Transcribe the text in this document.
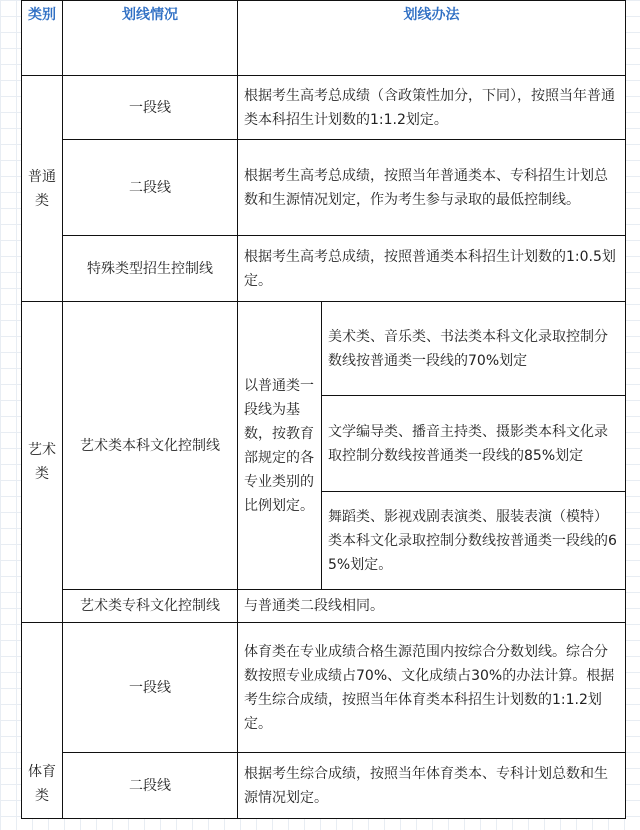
类别	划线情况	划线办法	
普通类	一段线	根据考生高考总成绩（含政策性加分，下同），按照当年普通类本科招生计划数的1:1.2划定。	
	二段线	根据考生高考总成绩，按照当年普通类本、专科招生计划总数和生源情况划定，作为考生参与录取的最低控制线。	
	特殊类型招生控制线	根据考生高考总成绩，按照普通类本科招生计划数的1:0.5划定。	
艺术类	艺术类本科文化控制线	以普通类一段线为基数，按教育部规定的各专业类别的比例划定。	美术类、音乐类、书法类本科文化录取控制分数线按普通类一段线的70%划定
			文学编导类、播音主持类、摄影类本科文化录取控制分数线按普通类一段线的85%划定
			舞蹈类、影视戏剧表演类、服装表演（模特）类本科文化录取控制分数线按普通类一段线的65%划定。
	艺术类专科文化控制线	与普通类二段线相同。	
体育类	一段线	体育类在专业成绩合格生源范围内按综合分数划线。综合分数按照专业成绩占70%、文化成绩占30%的办法计算。根据考生综合成绩，按照当年体育类本科招生计划数的1:1.2划定。	
	二段线	根据考生综合成绩，按照当年体育类本、专科计划总数和生源情况划定。	
